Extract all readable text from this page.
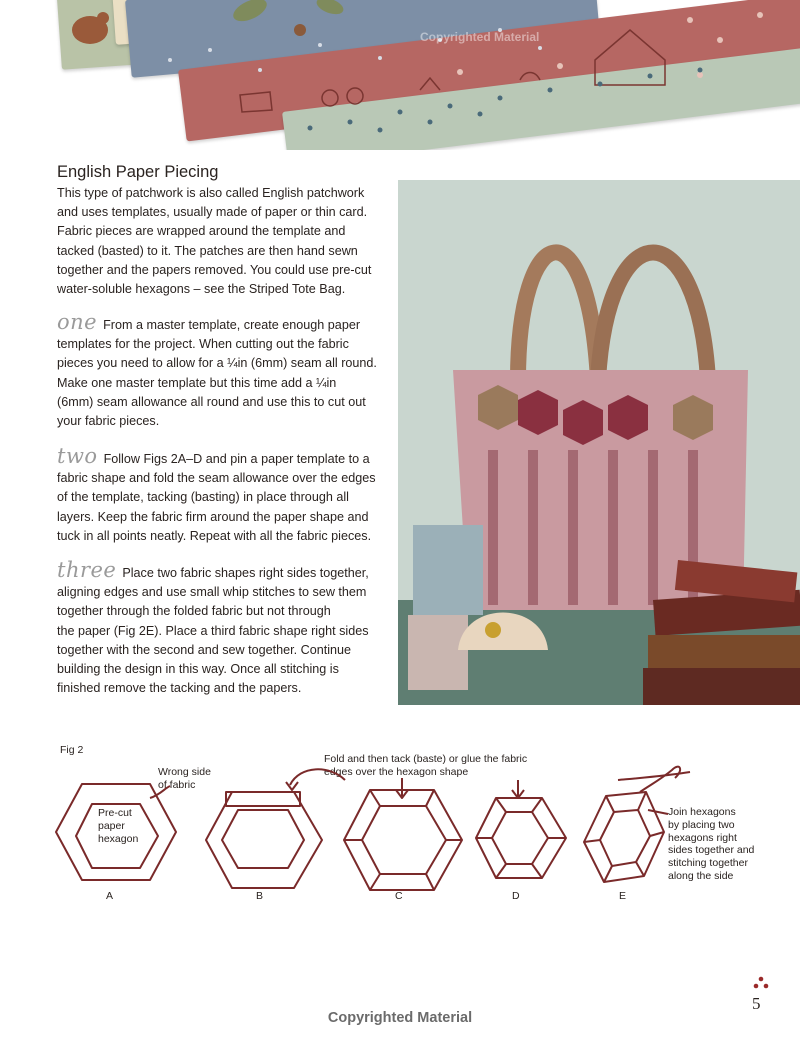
Copyrighted Material
English Paper Piecing
This type of patchwork is also called English patchwork
and uses templates, usually made of paper or thin card.
Fabric pieces are wrapped around the template and
tacked (basted) to it. The patches are then hand sewn
together and the papers removed. You could use pre-cut
water-soluble hexagons – see the Striped Tote Bag.
one From a master template, create enough paper
templates for the project. When cutting out the fabric
pieces you need to allow for a ¼in (6mm) seam all round.
Make one master template but this time add a ¼in
(6mm) seam allowance all round and use this to cut out
your fabric pieces.
two Follow Figs 2A–D and pin a paper template to a
fabric shape and fold the seam allowance over the edges
of the template, tacking (basting) in place through all
layers. Keep the fabric firm around the paper shape and
tuck in all points neatly. Repeat with all the fabric pieces.
three Place two fabric shapes right sides together,
aligning edges and use small whip stitches to sew them
together through the folded fabric but not through
the paper (Fig 2E). Place a third fabric shape right sides
together with the second and sew together. Continue
building the design in this way. Once all stitching is
finished remove the tacking and the papers.
Fig 2
Wrong side
of fabric
Pre-cut
paper
hexagon
Fold and then tack (baste) or glue the fabric
edges over the hexagon shape
Join hexagons
by placing two
hexagons right
sides together and
stitching together
along the side
A	B	C	D	E
5
Copyrighted Material
